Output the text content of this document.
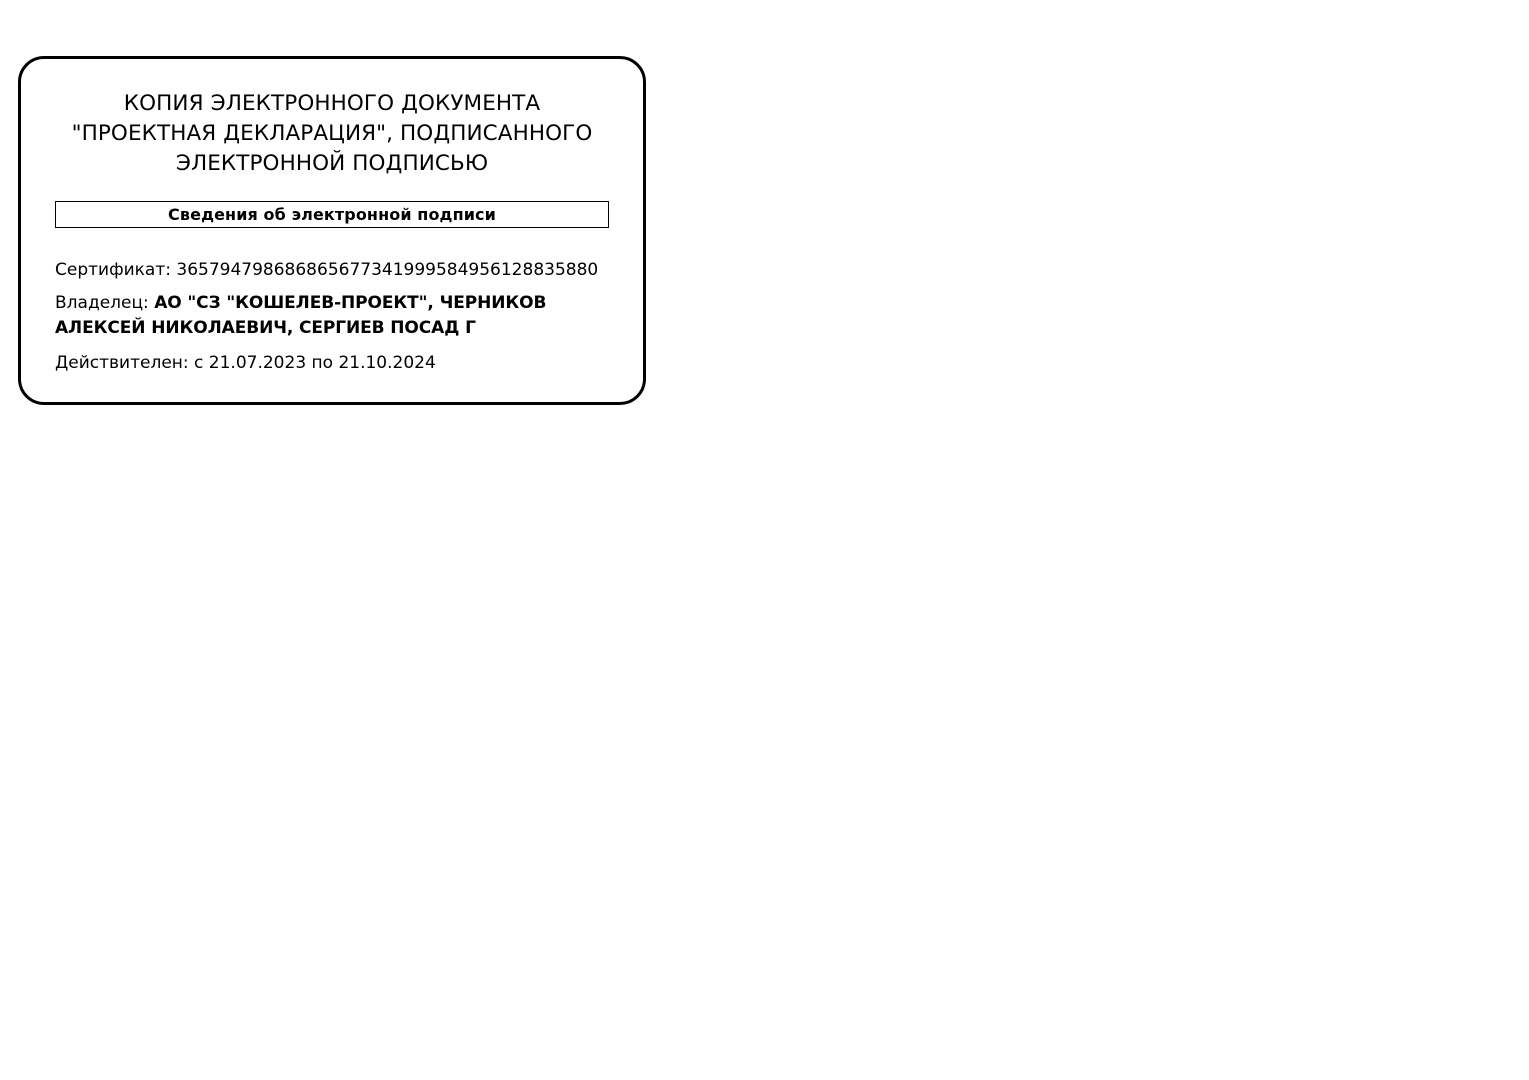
КОПИЯ ЭЛЕКТРОННОГО ДОКУМЕНТА "ПРОЕКТНАЯ ДЕКЛАРАЦИЯ", ПОДПИСАННОГО ЭЛЕКТРОННОЙ ПОДПИСЬЮ
Сведения об электронной подписи
Сертификат: 365794798686865677341999584956128835880
Владелец: АО "СЗ "КОШЕЛЕВ-ПРОЕКТ", ЧЕРНИКОВ АЛЕКСЕЙ НИКОЛАЕВИЧ, СЕРГИЕВ ПОСАД Г
Действителен: с 21.07.2023 по 21.10.2024
